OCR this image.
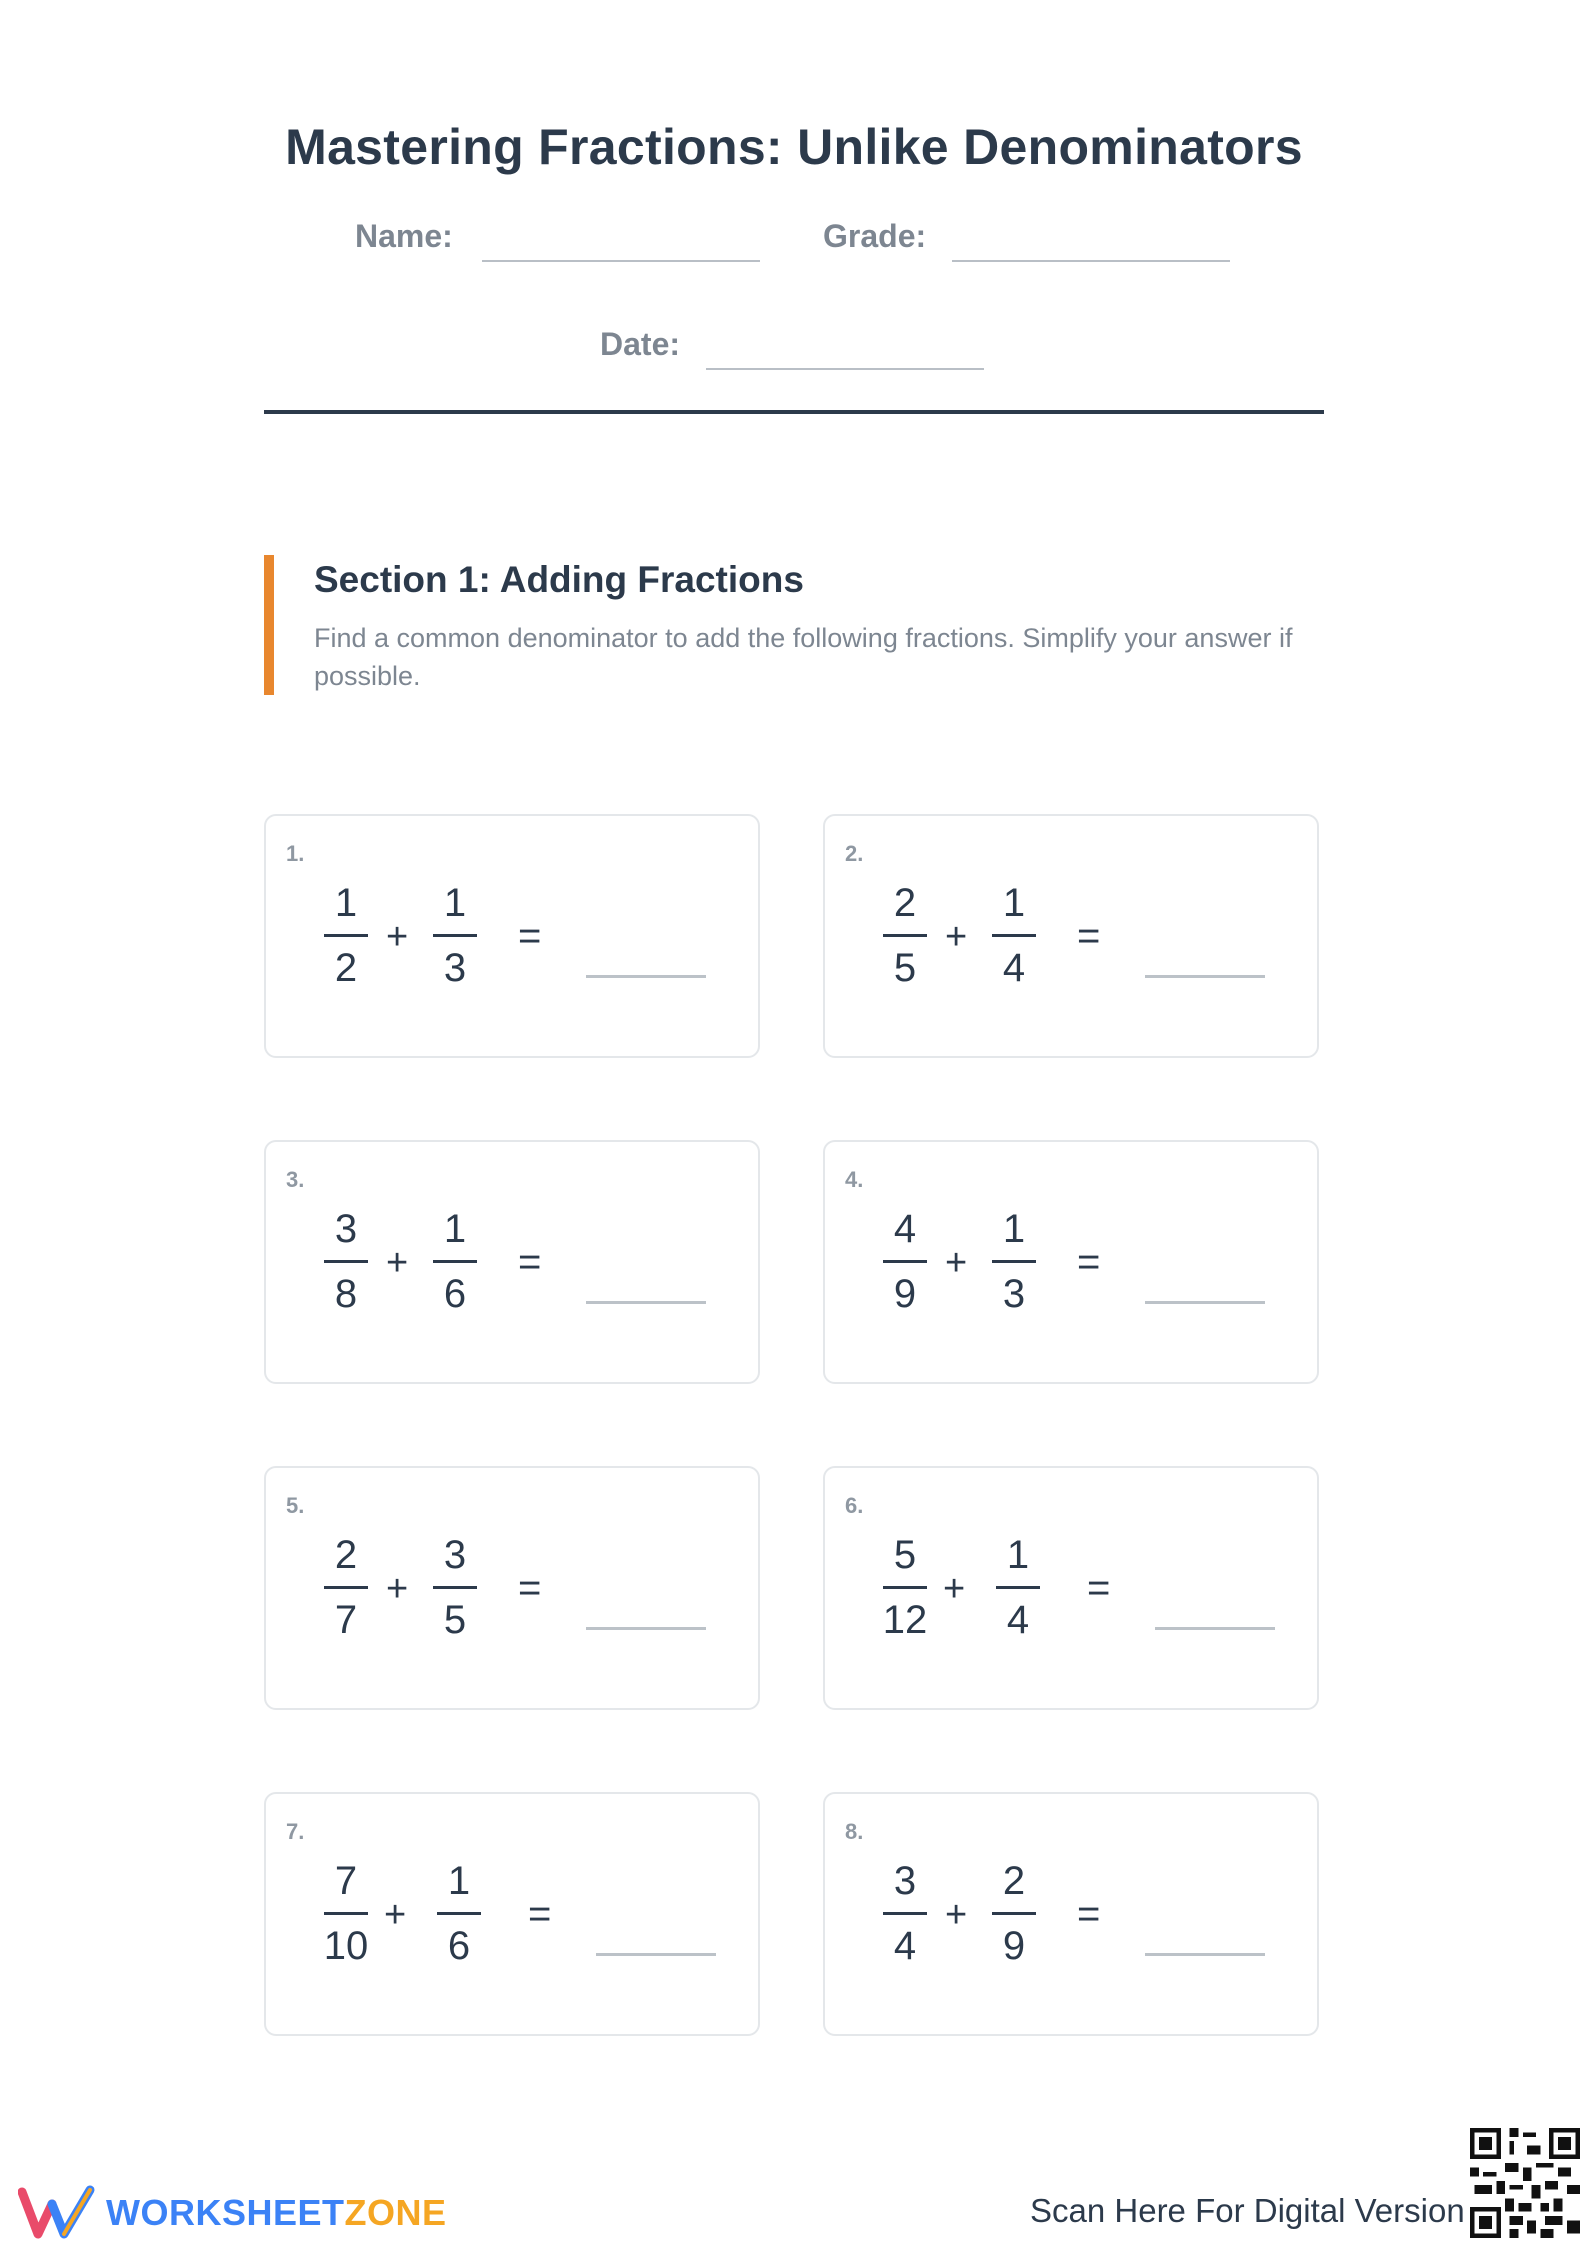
Mastering Fractions: Unlike Denominators
Name:	Grade:
Date:
Section 1: Adding Fractions
Find a common denominator to add the following fractions. Simplify your answer if possible.
1.
1
2
+
1
3
=
2.
2
5
+
1
4
=
3.
3
8
+
1
6
=
4.
4
9
+
1
3
=
5.
2
7
+
3
5
=
6.
5
12
+
1
4
=
7.
7
10
+
1
6
=
8.
3
4
+
2
9
=
WORKSHEETZONE	Scan Here For Digital Version
